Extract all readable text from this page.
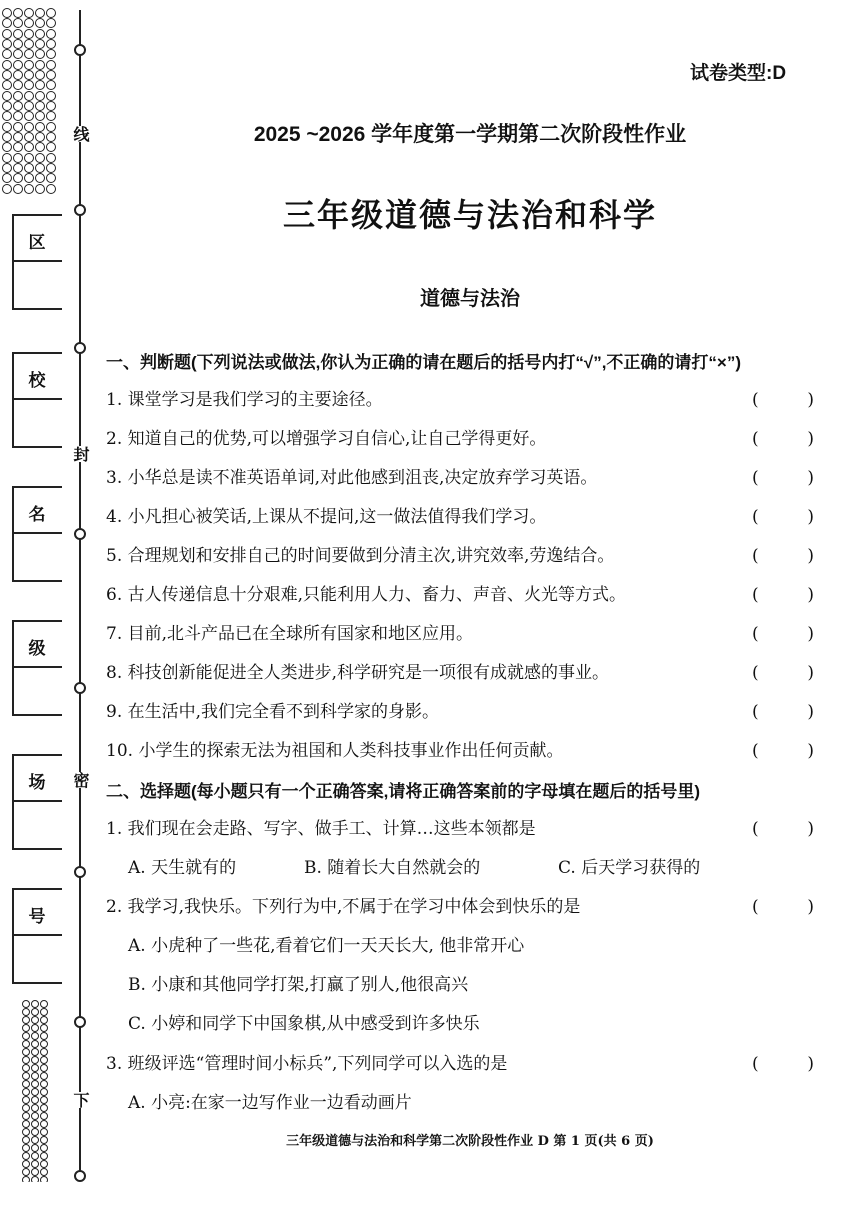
区
校
名
级
场
号
线
封
密
下
试卷类型:D
2025 ~2026 学年度第一学期第二次阶段性作业
三年级道德与法治和科学
道德与法治
一、判断题(下列说法或做法,你认为正确的请在题后的括号内打“√”,不正确的请打“×”)
1. 课堂学习是我们学习的主要途径。	(	)
2. 知道自己的优势,可以增强学习自信心,让自己学得更好。	(	)
3. 小华总是读不准英语单词,对此他感到沮丧,决定放弃学习英语。	(	)
4. 小凡担心被笑话,上课从不提问,这一做法值得我们学习。	(	)
5. 合理规划和安排自己的时间要做到分清主次,讲究效率,劳逸结合。	(	)
6. 古人传递信息十分艰难,只能利用人力、畜力、声音、火光等方式。	(	)
7. 目前,北斗产品已在全球所有国家和地区应用。	(	)
8. 科技创新能促进全人类进步,科学研究是一项很有成就感的事业。	(	)
9. 在生活中,我们完全看不到科学家的身影。	(	)
10. 小学生的探索无法为祖国和人类科技事业作出任何贡献。	(	)
二、选择题(每小题只有一个正确答案,请将正确答案前的字母填在题后的括号里)
1. 我们现在会走路、写字、做手工、计算…这些本领都是	(	)
A. 天生就有的	B. 随着长大自然就会的	C. 后天学习获得的
2. 我学习,我快乐。下列行为中,不属于在学习中体会到快乐的是	(	)
A. 小虎种了一些花,看着它们一天天长大, 他非常开心
B. 小康和其他同学打架,打赢了别人,他很高兴
C. 小婷和同学下中国象棋,从中感受到许多快乐
3. 班级评选“管理时间小标兵”,下列同学可以入选的是	(	)
A. 小亮:在家一边写作业一边看动画片
三年级道德与法治和科学第二次阶段性作业 D 第 1 页(共 6 页)
